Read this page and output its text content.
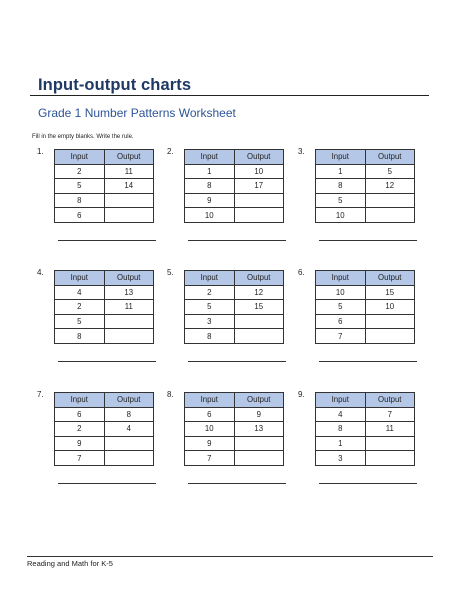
Input-output charts
Grade 1 Number Patterns Worksheet
Fill in the empty blanks. Write the rule.
1.
Input	Output
2	11
5	14
8	
6	
2.
Input	Output
1	10
8	17
9	
10	
3.
Input	Output
1	5
8	12
5	
10	
4.
Input	Output
4	13
2	11
5	
8	
5.
Input	Output
2	12
5	15
3	
8	
6.
Input	Output
10	15
5	10
6	
7	
7.
Input	Output
6	8
2	4
9	
7	
8.
Input	Output
6	9
10	13
9	
7	
9.
Input	Output
4	7
8	11
1	
3	
Reading and Math for K-5
